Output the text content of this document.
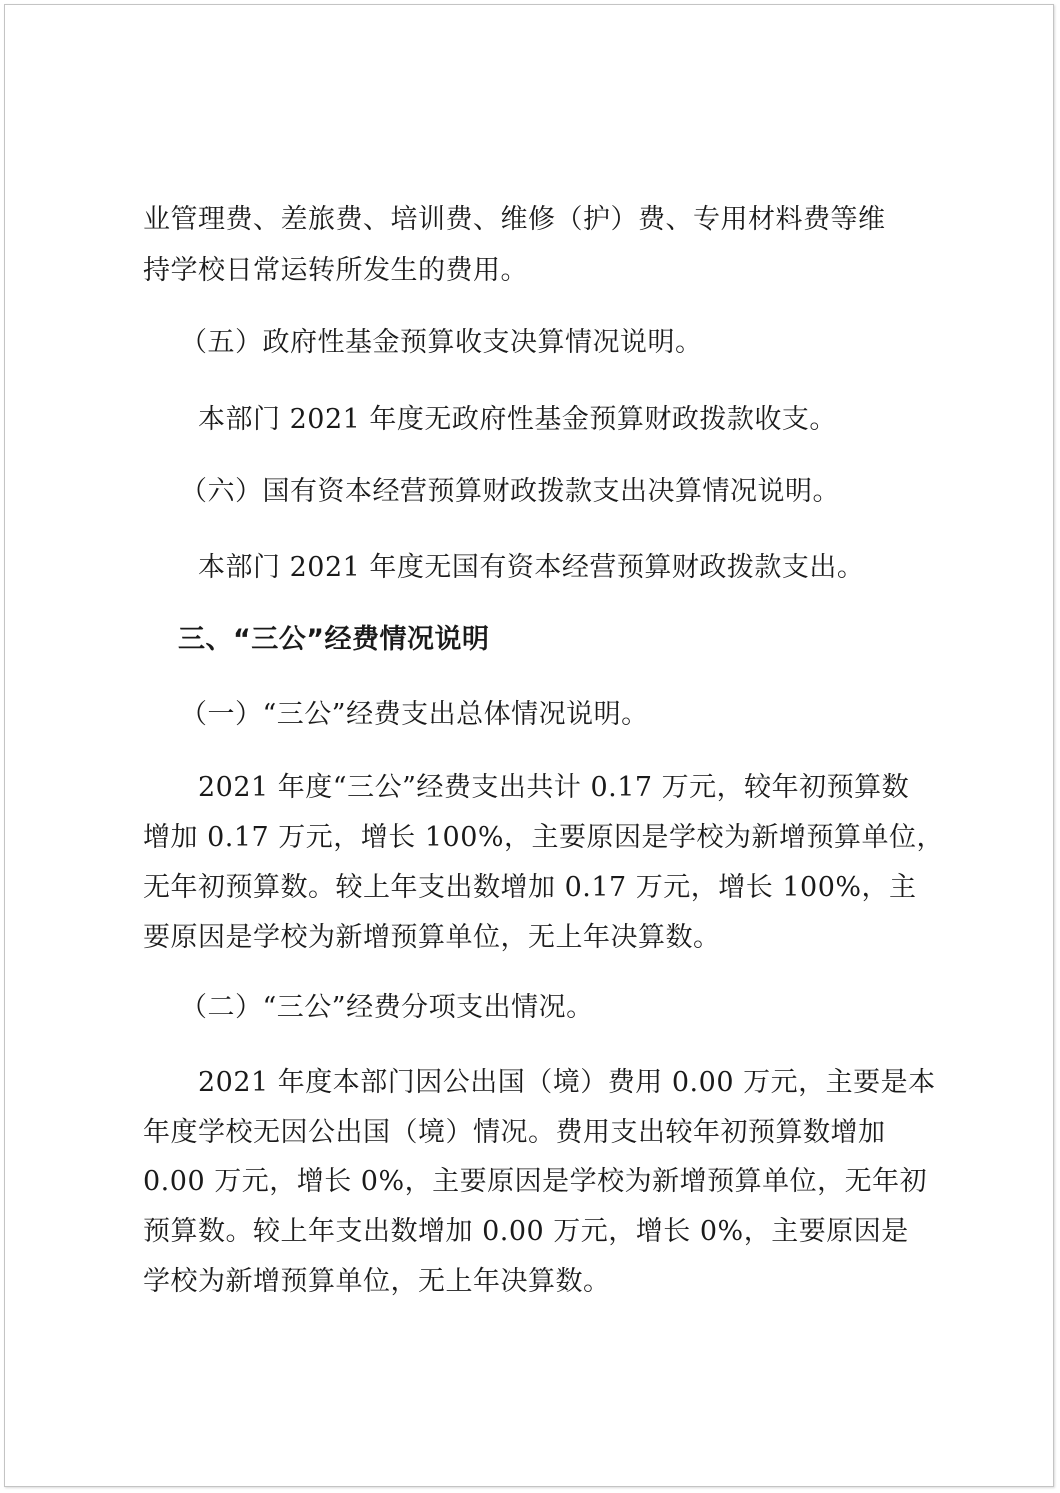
业管理费、差旅费、培训费、维修（护）费、专用材料费等维
持学校日常运转所发生的费用。
（五）政府性基金预算收支决算情况说明。
本部门 2021 年度无政府性基金预算财政拨款收支。
（六）国有资本经营预算财政拨款支出决算情况说明。
本部门 2021 年度无国有资本经营预算财政拨款支出。
三、“三公”经费情况说明
（一）“三公”经费支出总体情况说明。
2021 年度“三公”经费支出共计 0.17 万元，较年初预算数
增加 0.17 万元，增长 100%，主要原因是学校为新增预算单位，
无年初预算数。较上年支出数增加 0.17 万元，增长 100%，主
要原因是学校为新增预算单位，无上年决算数。
（二）“三公”经费分项支出情况。
2021 年度本部门因公出国（境）费用 0.00 万元，主要是本
年度学校无因公出国（境）情况。费用支出较年初预算数增加
0.00 万元，增长 0%，主要原因是学校为新增预算单位，无年初
预算数。较上年支出数增加 0.00 万元，增长 0%，主要原因是
学校为新增预算单位，无上年决算数。
